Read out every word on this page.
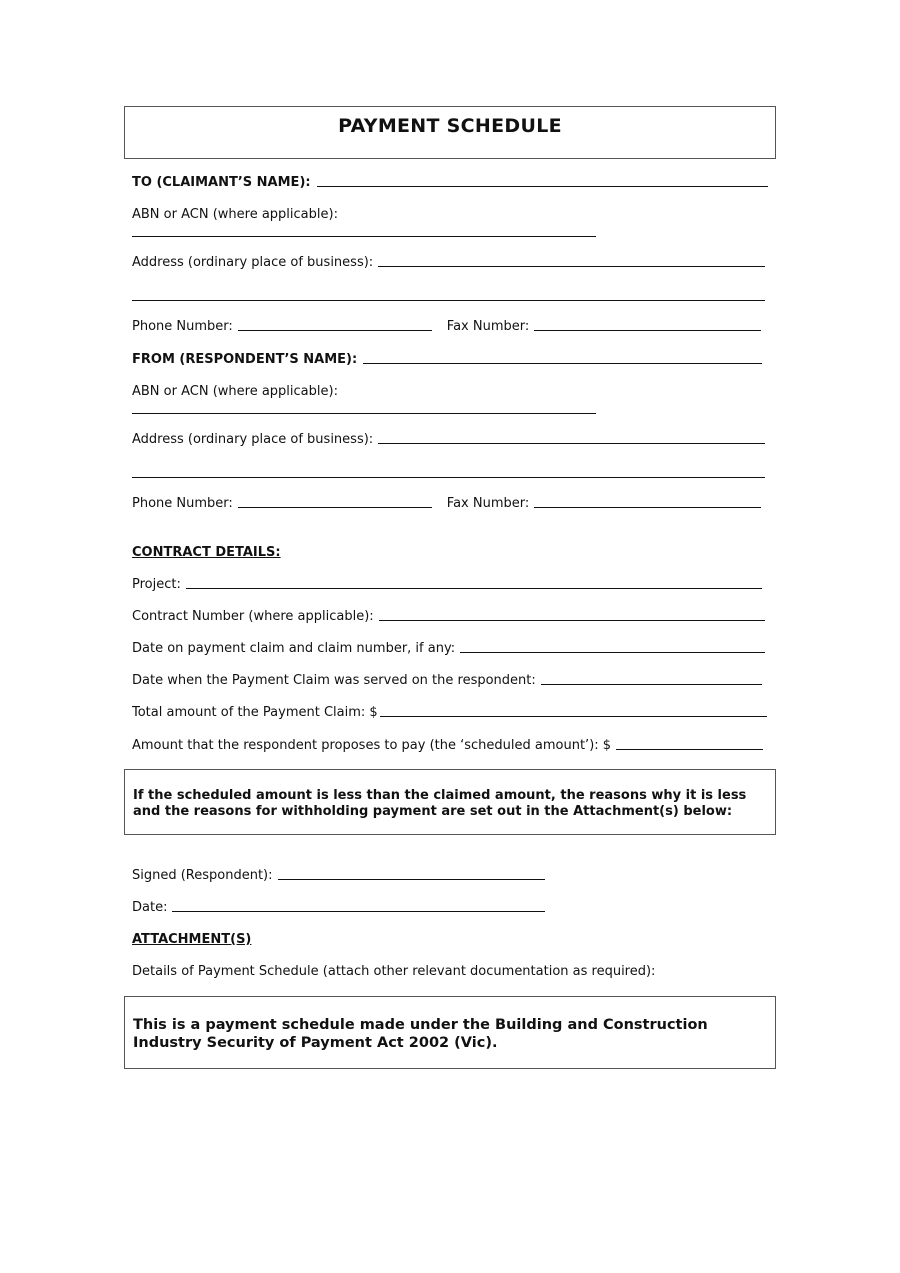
PAYMENT SCHEDULE
TO (CLAIMANT’S NAME):
ABN or ACN (where applicable):
Address (ordinary place of business):
Phone Number:	Fax Number:
FROM (RESPONDENT’S NAME):
ABN or ACN (where applicable):
Address (ordinary place of business):
Phone Number:	Fax Number:
CONTRACT DETAILS:
Project:
Contract Number (where applicable):
Date on payment claim and claim number, if any:
Date when the Payment Claim was served on the respondent:
Total amount of the Payment Claim: $
Amount that the respondent proposes to pay (the ‘scheduled amount’): $
If the scheduled amount is less than the claimed amount, the reasons why it is less
and the reasons for withholding payment are set out in the Attachment(s) below:
Signed (Respondent):
Date:
ATTACHMENT(S)
Details of Payment Schedule (attach other relevant documentation as required):
This is a payment schedule made under the Building and Construction
Industry Security of Payment Act 2002 (Vic).
